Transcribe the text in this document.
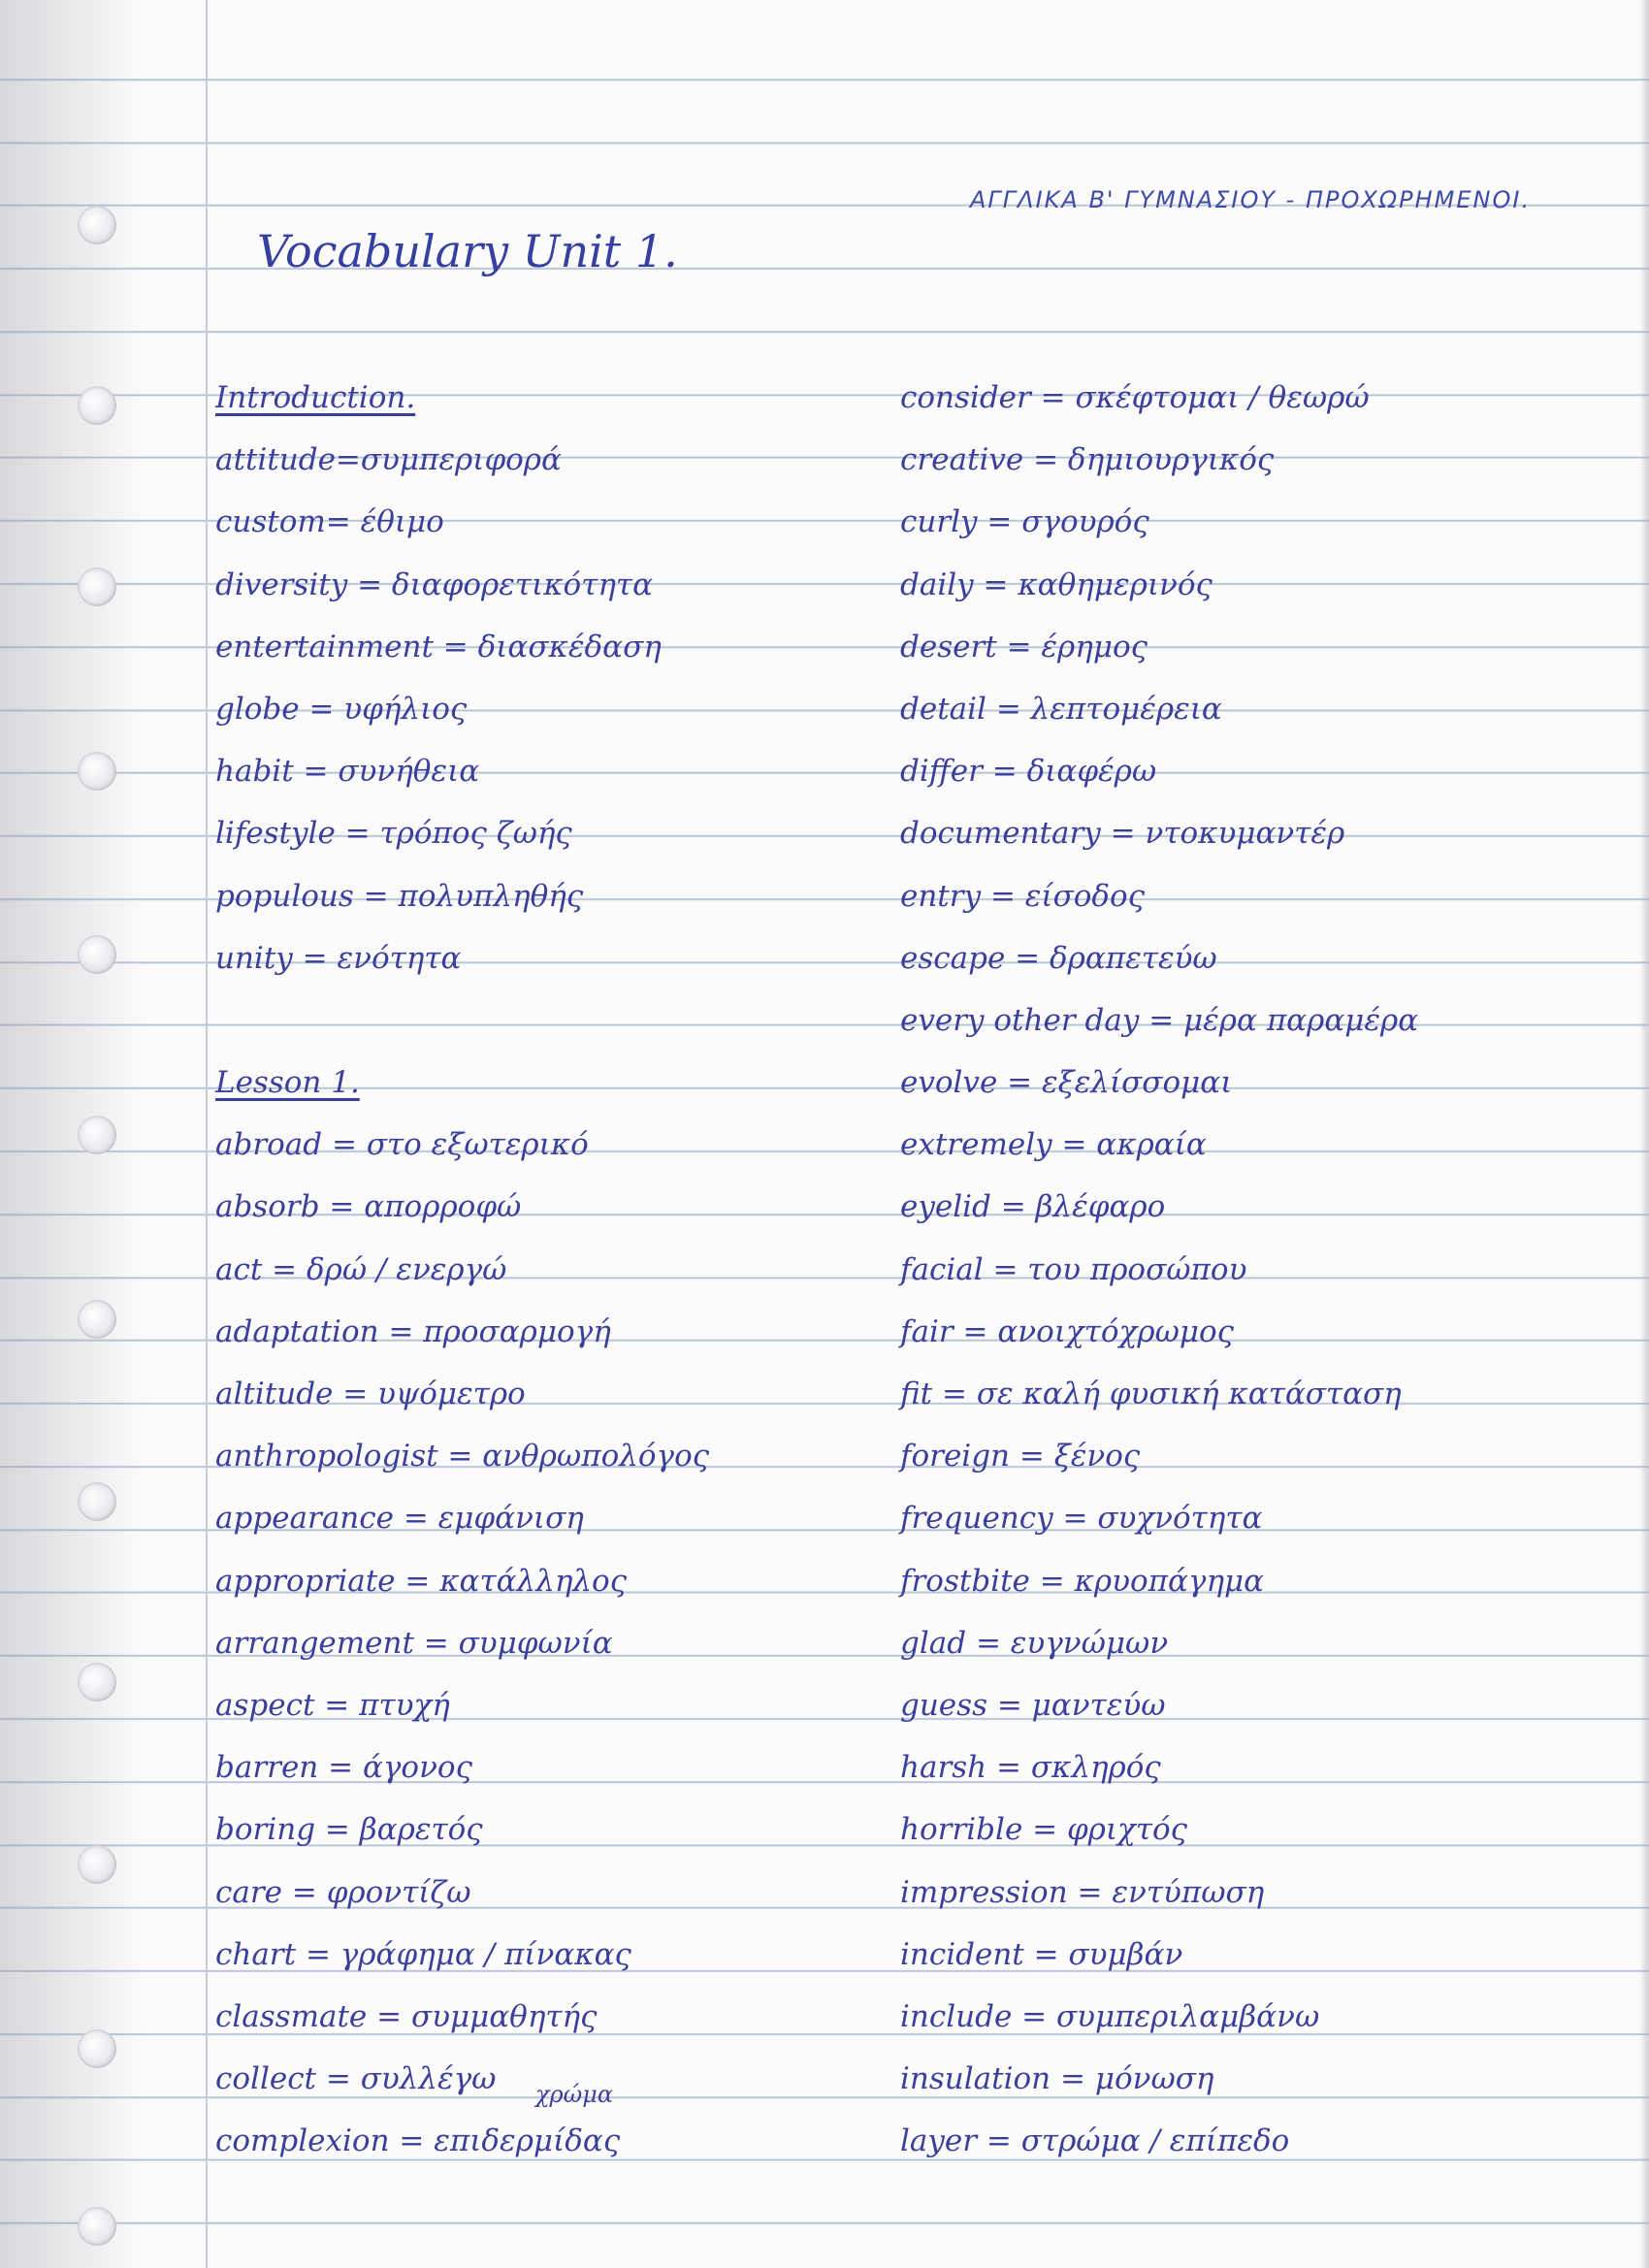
ΑΓΓΛΙΚΑ Β' ΓΥΜΝΑΣΙΟΥ - ΠΡΟΧΩΡΗΜΕΝΟΙ.
Vocabulary Unit 1.
Introduction.
attitude=συμπεριφορά
custom= έθιμο
diversity = διαφορετικότητα
entertainment = διασκέδαση
globe = υφήλιος
habit = συνήθεια
lifestyle = τρόπος ζωής
populous = πολυπληθής
unity = ενότητα
Lesson 1.
abroad = στο εξωτερικό
absorb = απορροφώ
act = δρώ / ενεργώ
adaptation = προσαρμογή
altitude = υψόμετρο
anthropologist = ανθρωπολόγος
appearance = εμφάνιση
appropriate = κατάλληλος
arrangement = συμφωνία
aspect = πτυχή
barren = άγονος
boring = βαρετός
care = φροντίζω
chart = γράφημα / πίνακας
classmate = συμμαθητής
collect = συλλέγω
complexion = επιδερμίδας
χρώμα
consider = σκέφτομαι / θεωρώ
creative = δημιουργικός
curly = σγουρός
daily = καθημερινός
desert = έρημος
detail = λεπτομέρεια
differ = διαφέρω
documentary = ντοκυμαντέρ
entry = είσοδος
escape = δραπετεύω
every other day = μέρα παραμέρα
evolve = εξελίσσομαι
extremely = ακραία
eyelid = βλέφαρο
facial = του προσώπου
fair = ανοιχτόχρωμος
fit = σε καλή φυσική κατάσταση
foreign = ξένος
frequency = συχνότητα
frostbite = κρυοπάγημα
glad = ευγνώμων
guess = μαντεύω
harsh = σκληρός
horrible = φριχτός
impression = εντύπωση
incident = συμβάν
include = συμπεριλαμβάνω
insulation = μόνωση
layer = στρώμα / επίπεδο
